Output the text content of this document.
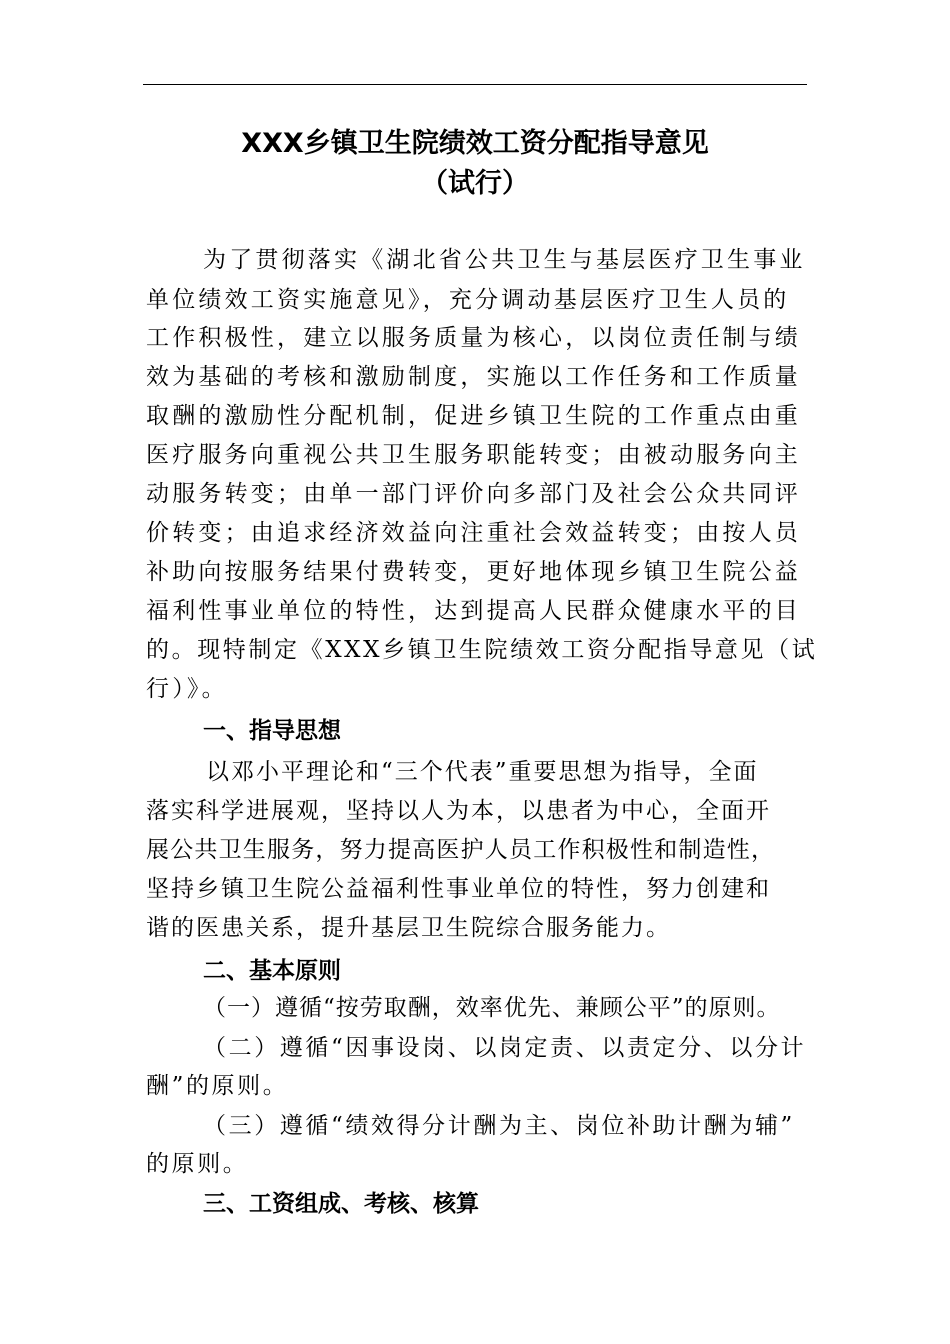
XXX乡镇卫生院绩效工资分配指导意见
（试行）
为了贯彻落实《湖北省公共卫生与基层医疗卫生事业
单位绩效工资实施意见》，充分调动基层医疗卫生人员的
工作积极性，建立以服务质量为核心，以岗位责任制与绩
效为基础的考核和激励制度，实施以工作任务和工作质量
取酬的激励性分配机制，促进乡镇卫生院的工作重点由重
医疗服务向重视公共卫生服务职能转变；由被动服务向主
动服务转变；由单一部门评价向多部门及社会公众共同评
价转变；由追求经济效益向注重社会效益转变；由按人员
补助向按服务结果付费转变，更好地体现乡镇卫生院公益
福利性事业单位的特性，达到提高人民群众健康水平的目
的。现特制定《XXX乡镇卫生院绩效工资分配指导意见（试
行）》。
一、指导思想
以邓小平理论和“三个代表”重要思想为指导，全面
落实科学进展观，坚持以人为本，以患者为中心，全面开
展公共卫生服务，努力提高医护人员工作积极性和制造性，
坚持乡镇卫生院公益福利性事业单位的特性，努力创建和
谐的医患关系，提升基层卫生院综合服务能力。
二、基本原则
（一）遵循“按劳取酬，效率优先、兼顾公平”的原则。
（二）遵循“因事设岗、以岗定责、以责定分、以分计
酬”的原则。
（三）遵循“绩效得分计酬为主、岗位补助计酬为辅”
的原则。
三、工资组成、考核、核算
